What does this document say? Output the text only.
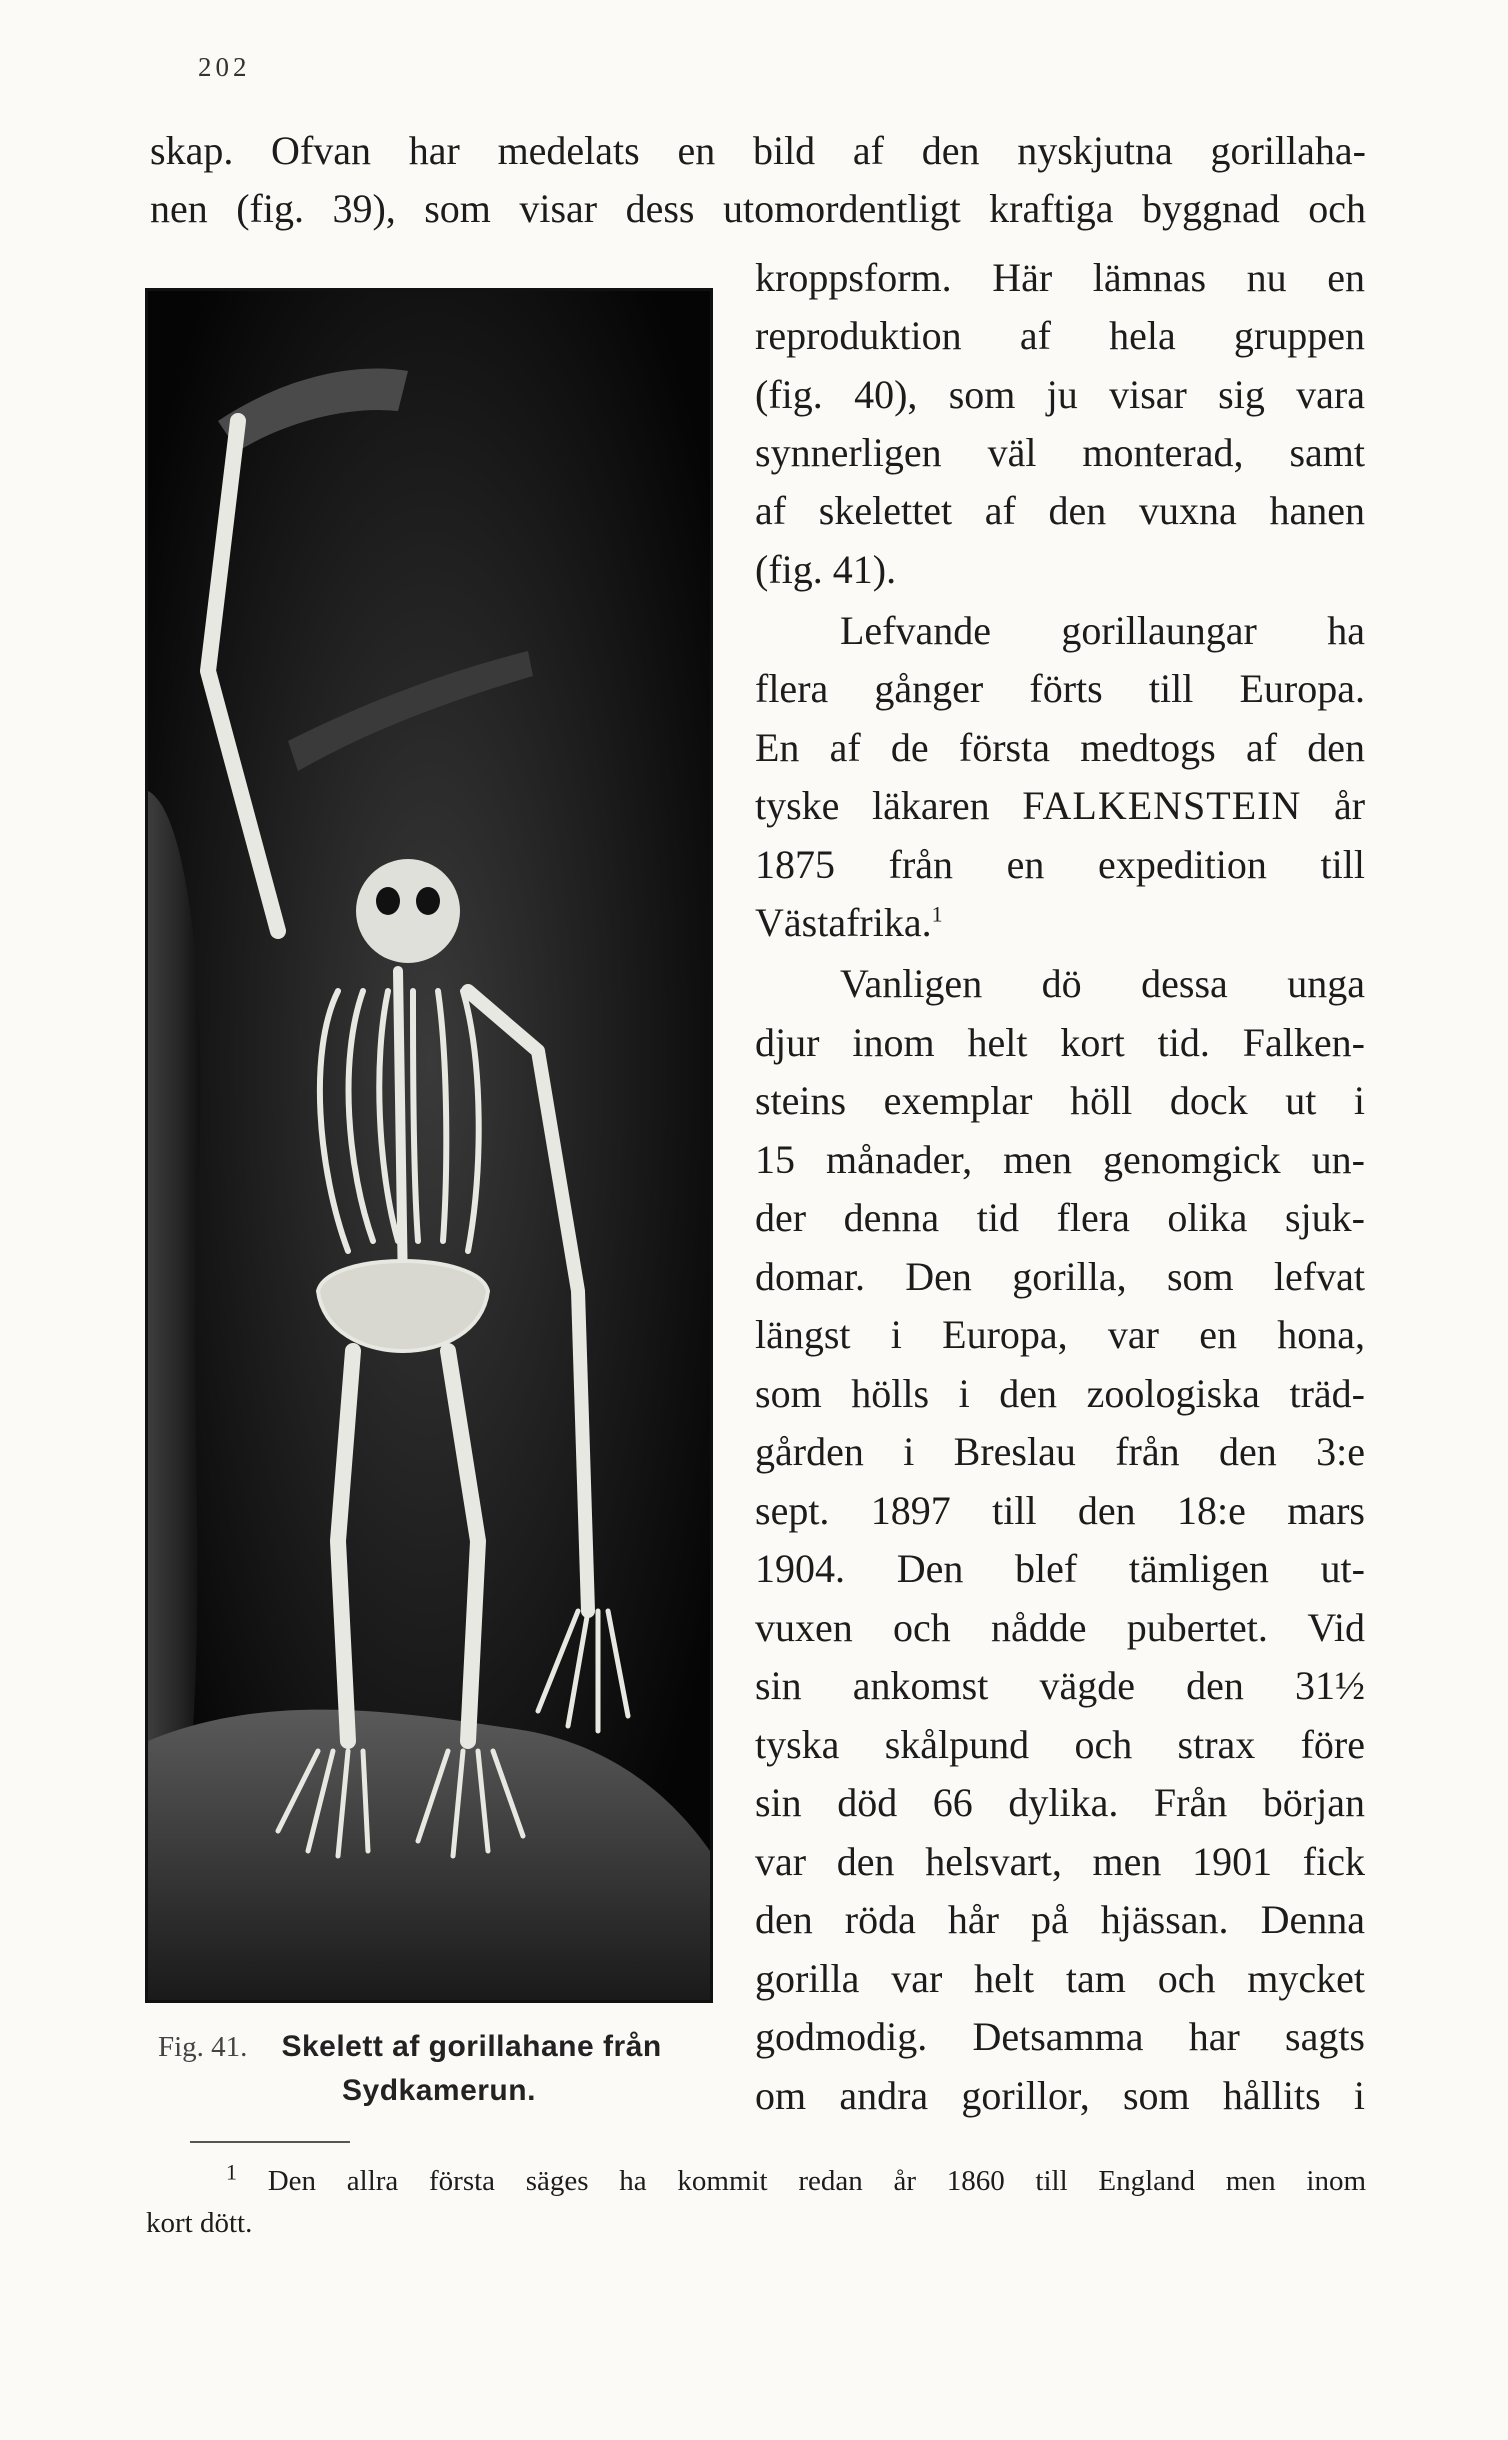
202
skap. Ofvan har medelats en bild af den nyskjutna gorillaha-
nen (fig. 39), som visar dess utomordentligt kraftiga byggnad och
kroppsform. Här lämnas nu en
reproduktion af hela gruppen
(fig. 40), som ju visar sig vara
synnerligen väl monterad, samt
af skelettet af den vuxna hanen
(fig. 41).
Lefvande gorillaungar ha
flera gånger förts till Europa.
En af de första medtogs af den
tyske läkaren FALKENSTEIN år
1875 från en expedition till
Västafrika.$^1$
Vanligen dö dessa unga
djur inom helt kort tid. Falken-
steins exemplar höll dock ut i
15 månader, men genomgick un-
der denna tid flera olika sjuk-
domar. Den gorilla, som lefvat
längst i Europa, var en hona,
som hölls i den zoologiska träd-
gården i Breslau från den 3:e
sept. 1897 till den 18:e mars
1904. Den blef tämligen ut-
vuxen och nådde pubertet. Vid
sin ankomst vägde den 31½
tyska skålpund och strax före
sin död 66 dylika. Från början
var den helsvart, men 1901 fick
den röda hår på hjässan. Denna
gorilla var helt tam och mycket
godmodig. Detsamma har sagts
om andra gorillor, som hållits i
Fig. 41. Skelett af gorillahane från
Sydkamerun.
$^1$ Den allra första säges ha kommit redan år 1860 till England men inom
kort dött.
